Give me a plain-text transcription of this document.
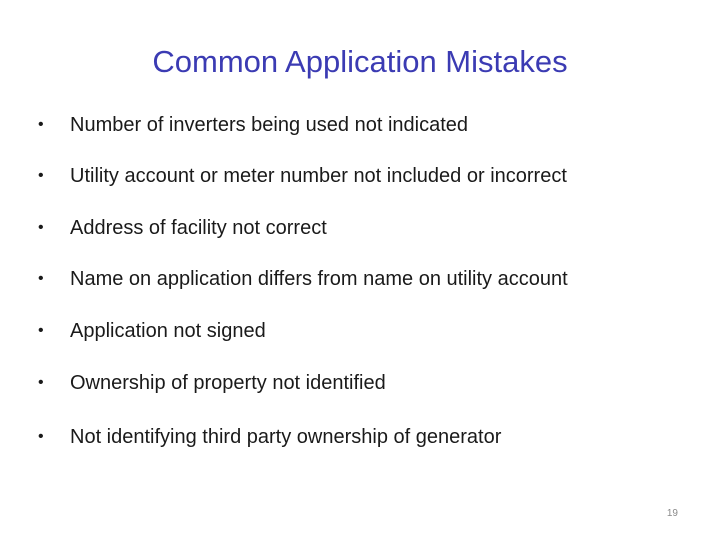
Common Application Mistakes
•	Number of inverters being used not indicated
•	Utility account or meter number not included or incorrect
•	Address of facility not correct
•	Name on application differs from name on utility account
•	Application not signed
•	Ownership of property not identified
•	Not identifying third party ownership of generator
19
